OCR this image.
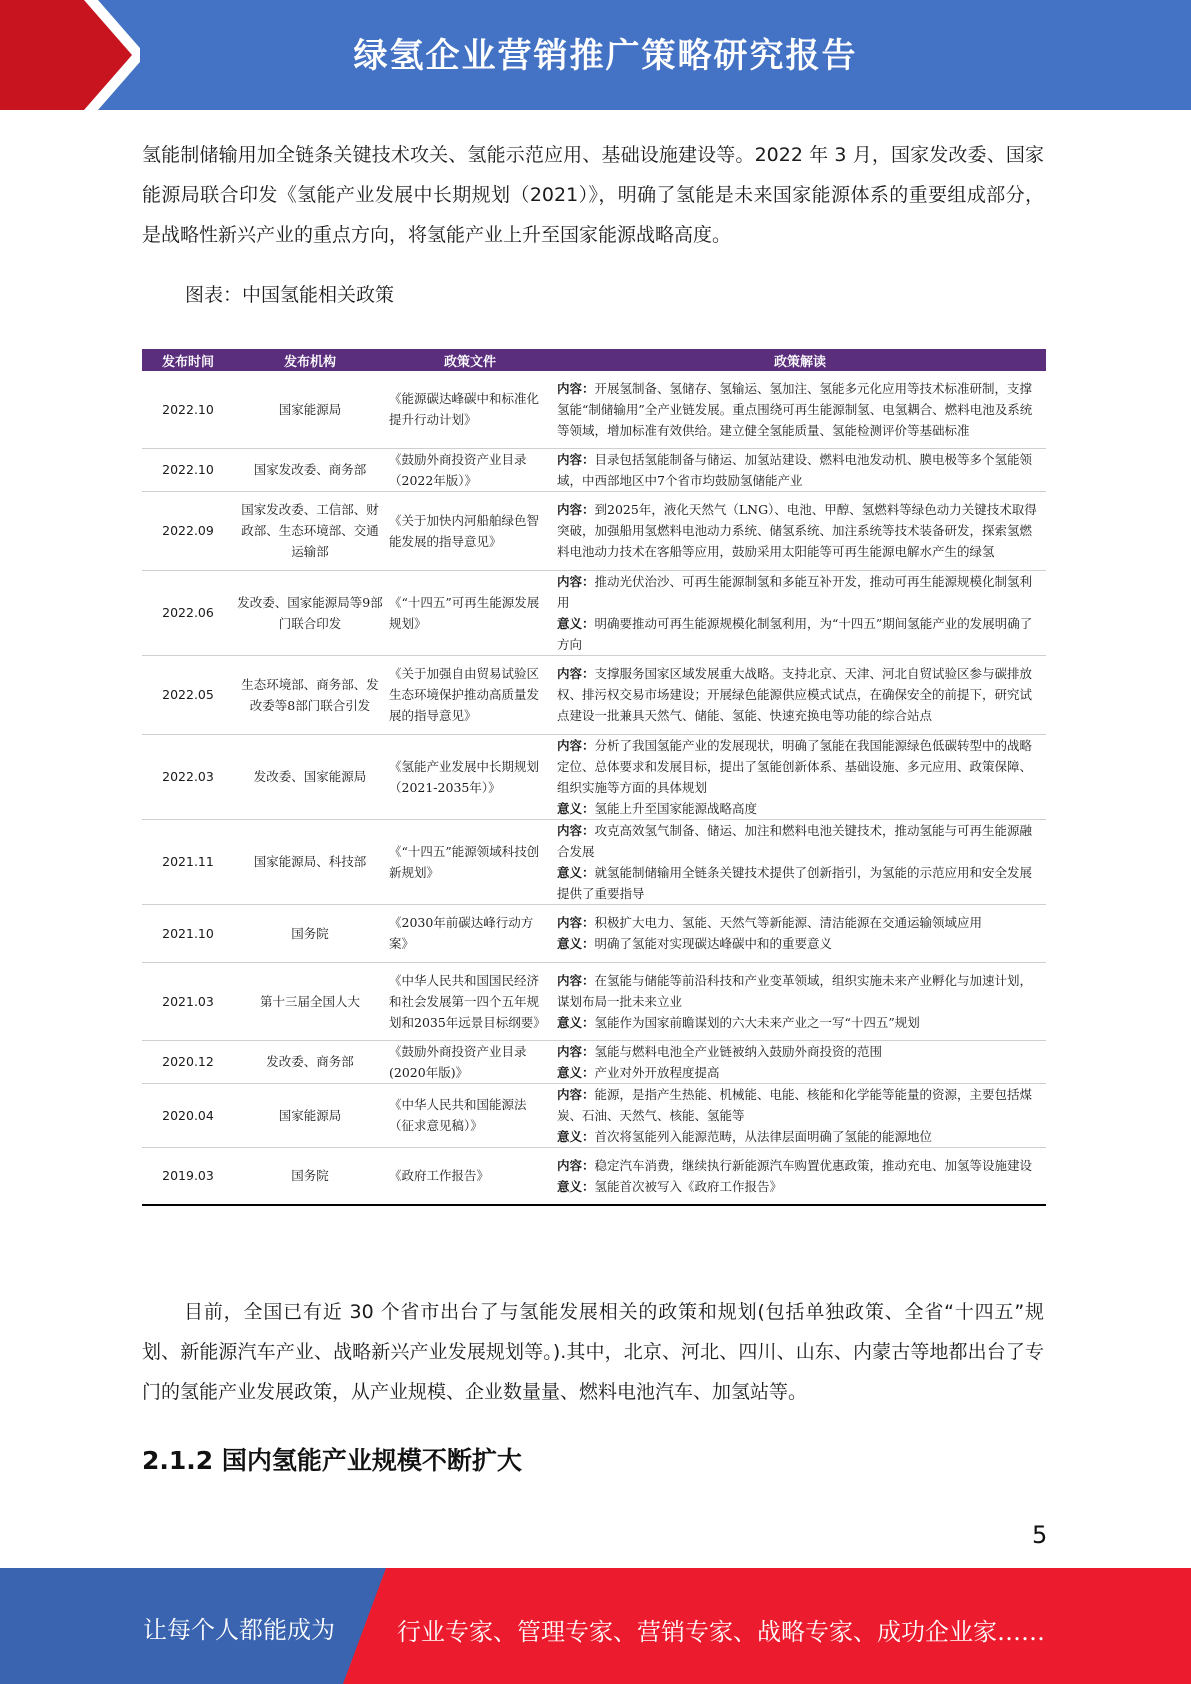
绿氢企业营销推广策略研究报告

氢能制储输用加全链条关键技术攻关、氢能示范应用、基础设施建设等。2022 年 3 月，国家发改委、国家能源局联合印发《氢能产业发展中长期规划（2021）》，明确了氢能是未来国家能源体系的重要组成部分，是战略性新兴产业的重点方向，将氢能产业上升至国家能源战略高度。

图表：中国氢能相关政策
发布时间	发布机构	政策文件	政策解读
2022.10	国家能源局	《能源碳达峰碳中和标准化提升行动计划》	内容：开展氢制备、氢储存、氢输运、氢加注、氢能多元化应用等技术标准研制，支撑氢能“制储输用”全产业链发展。重点围绕可再生能源制氢、电氢耦合、燃料电池及系统等领域，增加标准有效供给。建立健全氢能质量、氢能检测评价等基础标准

2022.10	国家发改委、商务部	《鼓励外商投资产业目录（2022年版）》	内容：目录包括氢能制备与储运、加氢站建设、燃料电池发动机、膜电极等多个氢能领域，中西部地区中7个省市均鼓励氢储能产业

2022.09	国家发改委、工信部、财政部、生态环境部、交通运输部	《关于加快内河船舶绿色智能发展的指导意见》	内容：到2025年，液化天然气（LNG）、电池、甲醇、氢燃料等绿色动力关键技术取得突破，加强船用氢燃料电池动力系统、储氢系统、加注系统等技术装备研发，探索氢燃料电池动力技术在客船等应用，鼓励采用太阳能等可再生能源电解水产生的绿氢

2022.06	发改委、国家能源局等9部门联合印发	《“十四五”可再生能源发展规划》	内容：推动光伏治沙、可再生能源制氢和多能互补开发，推动可再生能源规模化制氢利用
意义：明确要推动可再生能源规模化制氢利用，为“十四五”期间氢能产业的发展明确了方向

2022.05	生态环境部、商务部、发改委等8部门联合引发	《关于加强自由贸易试验区生态环境保护推动高质量发展的指导意见》	内容：支撑服务国家区域发展重大战略。支持北京、天津、河北自贸试验区参与碳排放权、排污权交易市场建设；开展绿色能源供应模式试点，在确保安全的前提下，研究试点建设一批兼具天然气、储能、氢能、快速充换电等功能的综合站点

2022.03	发改委、国家能源局	《氢能产业发展中长期规划 （2021-2035年）》	内容：分析了我国氢能产业的发展现状，明确了氢能在我国能源绿色低碳转型中的战略定位、总体要求和发展目标，提出了氢能创新体系、基础设施、多元应用、政策保障、组织实施等方面的具体规划
意义：氢能上升至国家能源战略高度

2021.11	国家能源局、科技部	《“十四五”能源领域科技创新规划》	内容：攻克高效氢气制备、储运、加注和燃料电池关键技术，推动氢能与可再生能源融合发展
意义：就氢能制储输用全链条关键技术提供了创新指引，为氢能的示范应用和安全发展提供了重要指导

2021.10	国务院	《2030年前碳达峰行动方案》	内容：积极扩大电力、氢能、天然气等新能源、清洁能源在交通运输领域应用
意义：明确了氢能对实现碳达峰碳中和的重要意义

2021.03	第十三届全国人大	《中华人民共和国国民经济和社会发展第一四个五年规划和2035年远景目标纲要》	内容：在氢能与储能等前沿科技和产业变革领域，组织实施未来产业孵化与加速计划，谋划布局一批未来立业
意义：氢能作为国家前瞻谋划的六大未来产业之一写“十四五”规划

2020.12	发改委、商务部	《鼓励外商投资产业目录(2020年版)》	内容：氢能与燃料电池全产业链被纳入鼓励外商投资的范围
意义：产业对外开放程度提高

2020.04	国家能源局	《中华人民共和国能源法（征求意见稿）》	内容：能源，是指产生热能、机械能、电能、核能和化学能等能量的资源，主要包括煤炭、石油、天然气、核能、氢能等
意义：首次将氢能列入能源范畴，从法律层面明确了氢能的能源地位

2019.03	国务院	《政府工作报告》	内容：稳定汽车消费，继续执行新能源汽车购置优惠政策，推动充电、加氢等设施建设
意义：氢能首次被写入《政府工作报告》

目前，全国已有近 30 个省市出台了与氢能发展相关的政策和规划(包括单独政策、全省“十四五”规划、新能源汽车产业、战略新兴产业发展规划等。).其中，北京、河北、四川、山东、内蒙古等地都出台了专门的氢能产业发展政策，从产业规模、企业数量量、燃料电池汽车、加氢站等。

2.1.2 国内氢能产业规模不断扩大
5
让每个人都能成为	行业专家、管理专家、营销专家、战略专家、成功企业家……
